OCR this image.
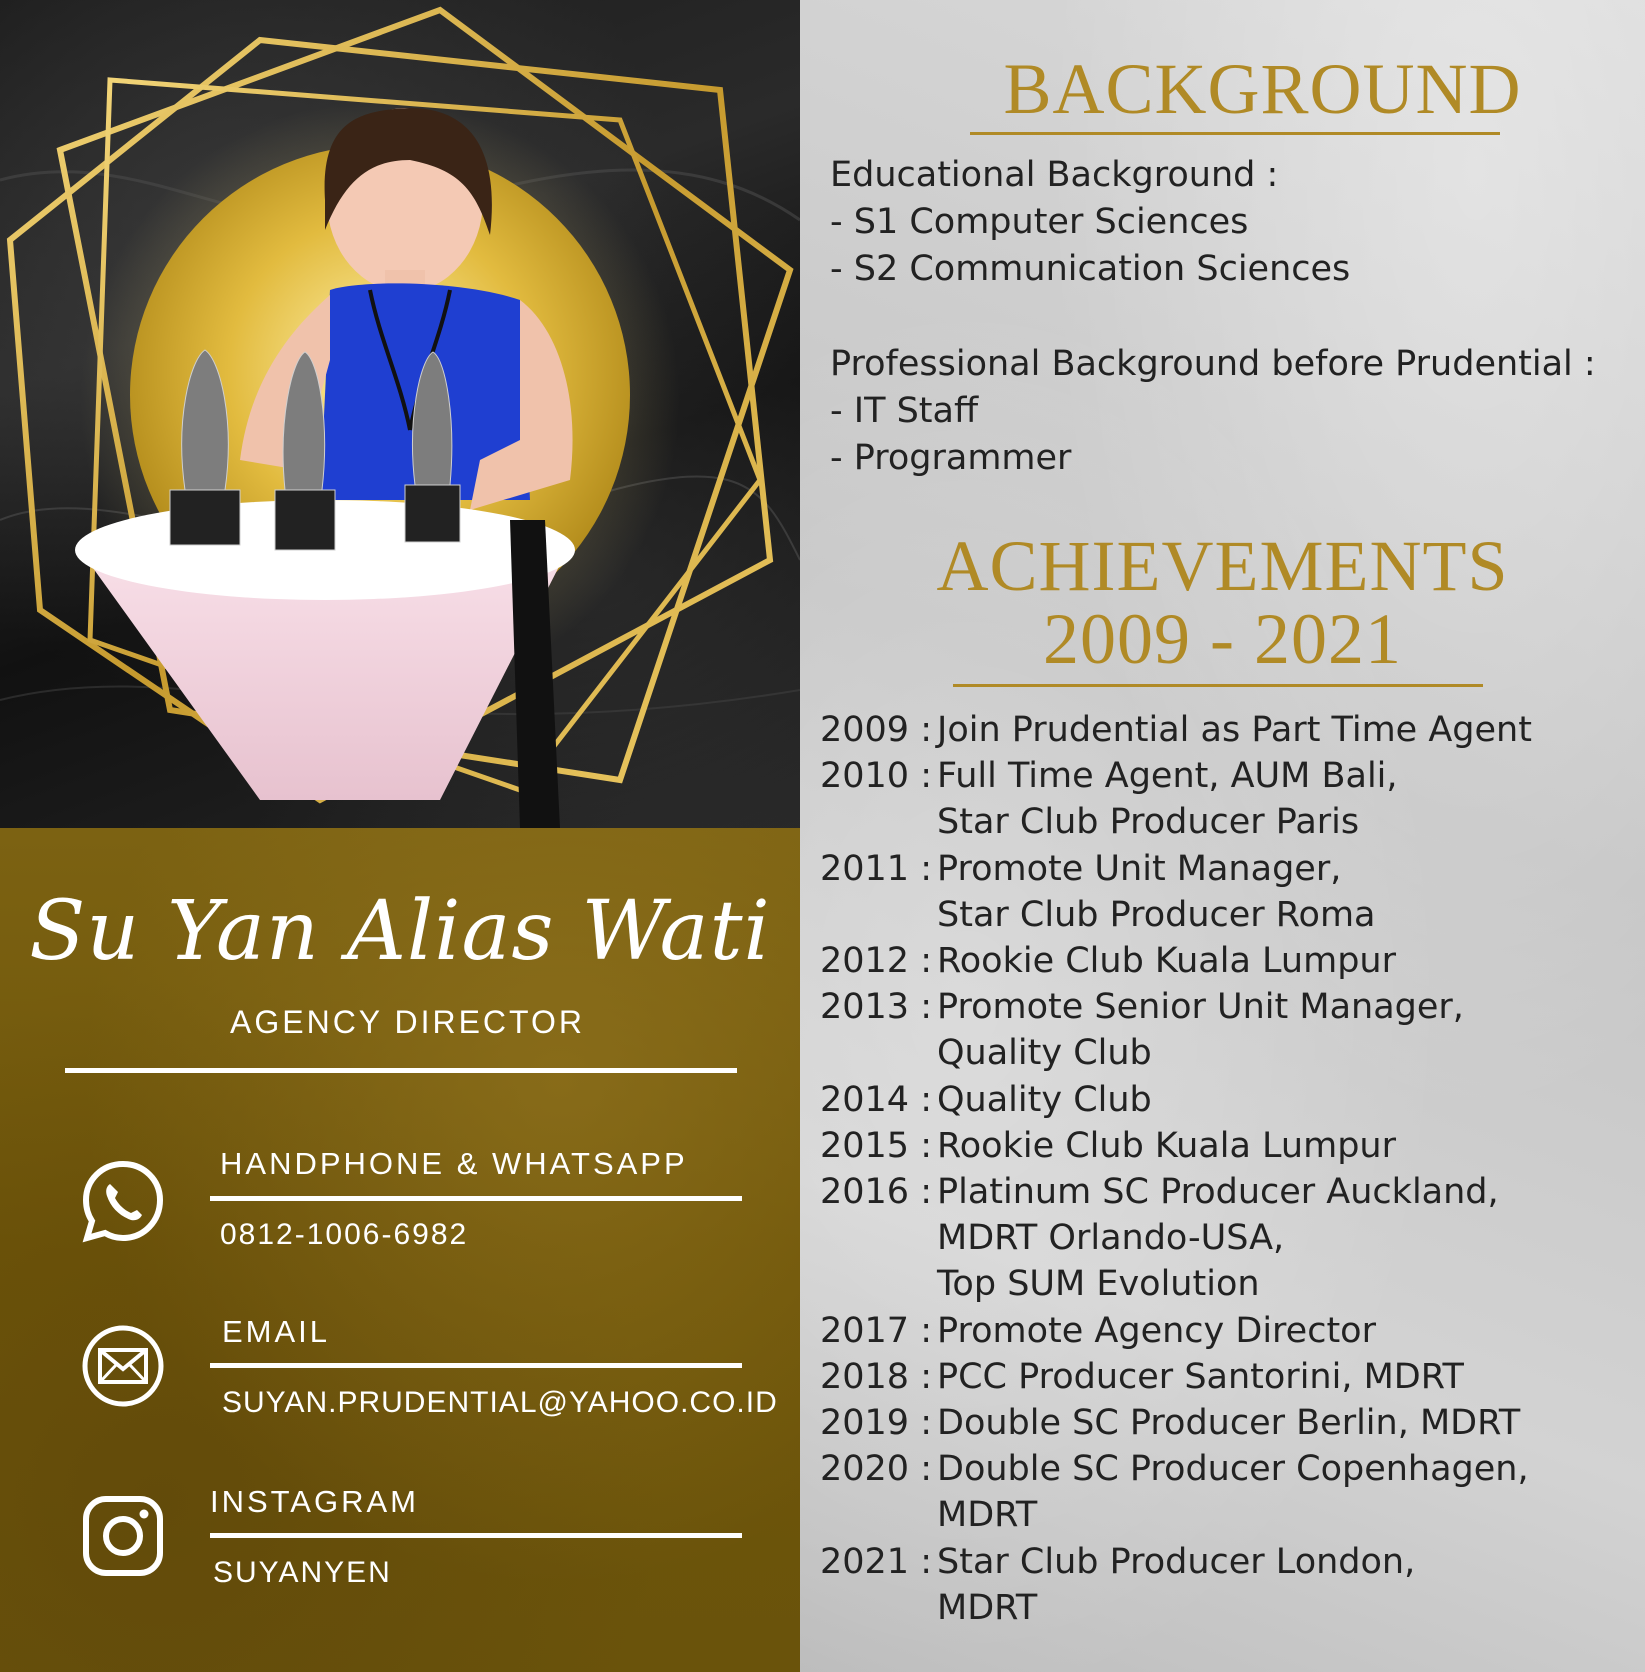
Su Yan Alias Wati
AGENCY DIRECTOR
HANDPHONE & WHATSAPP
0812-1006-6982
EMAIL
SUYAN.PRUDENTIAL@YAHOO.CO.ID
INSTAGRAM
SUYANYEN
BACKGROUND
Educational Background :
- S1 Computer Sciences
- S2 Communication Sciences
Professional Background before Prudential :
- IT Staff
- Programmer
ACHIEVEMENTS
2009 - 2021
2009 : Join Prudential as Part Time Agent
2010 : Full Time Agent, AUM Bali,
Star Club Producer Paris
2011 : Promote Unit Manager,
Star Club Producer Roma
2012 : Rookie Club Kuala Lumpur
2013 : Promote Senior Unit Manager,
Quality Club
2014 : Quality Club
2015 : Rookie Club Kuala Lumpur
2016 : Platinum SC Producer Auckland,
MDRT Orlando-USA,
Top SUM Evolution
2017 : Promote Agency Director
2018 : PCC Producer Santorini, MDRT
2019 : Double SC Producer Berlin, MDRT
2020 : Double SC Producer Copenhagen,
MDRT
2021 : Star Club Producer London,
MDRT
